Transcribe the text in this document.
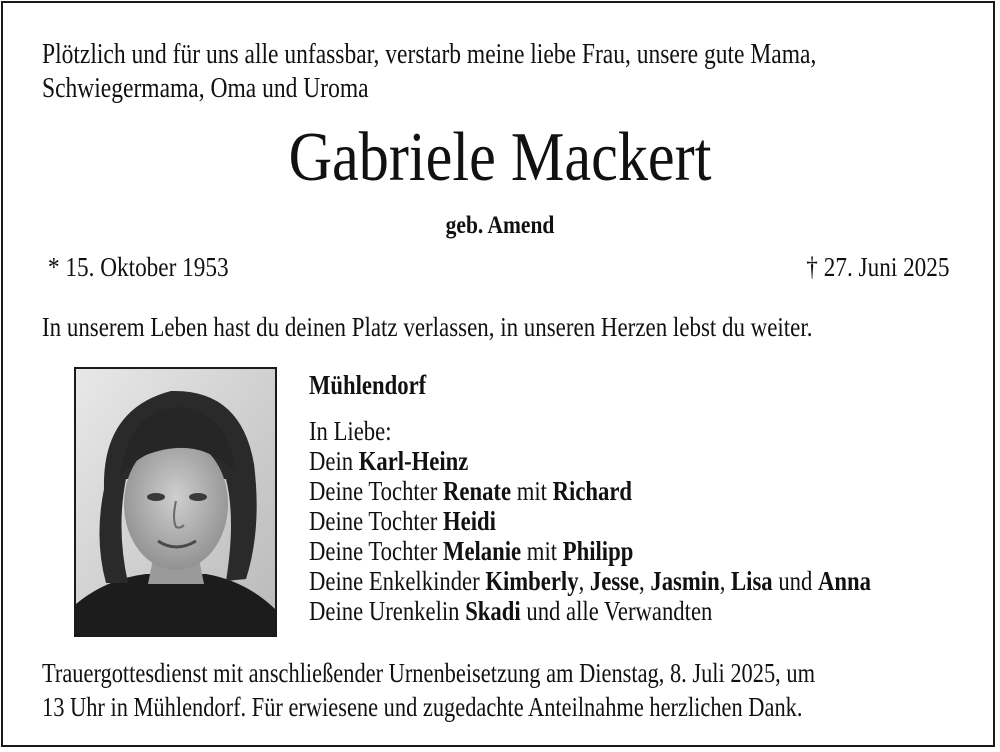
Plötzlich und für uns alle unfassbar, verstarb meine liebe Frau, unsere gute Mama,
Schwiegermama, Oma und Uroma
Gabriele Mackert
geb. Amend
* 15. Oktober 1953	† 27. Juni 2025
In unserem Leben hast du deinen Platz verlassen, in unseren Herzen lebst du weiter.
Mühlendorf
In Liebe:
Dein Karl-Heinz
Deine Tochter Renate mit Richard
Deine Tochter Heidi
Deine Tochter Melanie mit Philipp
Deine Enkelkinder Kimberly, Jesse, Jasmin, Lisa und Anna
Deine Urenkelin Skadi und alle Verwandten
Trauergottesdienst mit anschließender Urnenbeisetzung am Dienstag, 8. Juli 2025, um
13 Uhr in Mühlendorf. Für erwiesene und zugedachte Anteilnahme herzlichen Dank.
